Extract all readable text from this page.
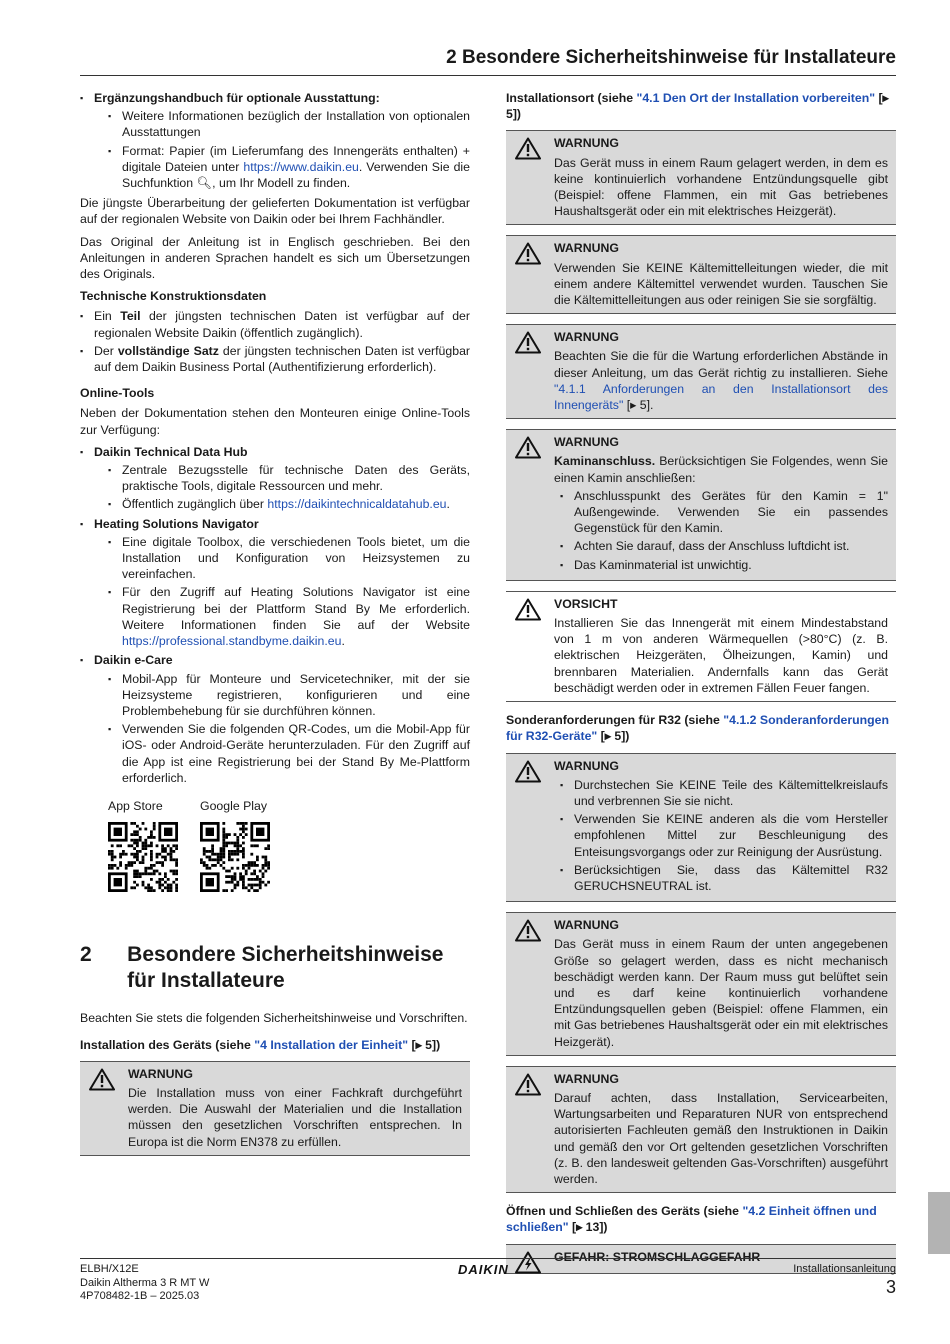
2 Besondere Sicherheitshinweise für Installateure
▪ Ergänzungshandbuch für optionale Ausstattung:
▪ Weitere Informationen bezüglich der Installation von optionalen Ausstattungen
▪ Format: Papier (im Lieferumfang des Innengeräts enthalten) + digitale Dateien unter https://www.daikin.eu. Verwenden Sie die Suchfunktion 🔍︎, um Ihr Modell zu finden.

Die jüngste Überarbeitung der gelieferten Dokumentation ist verfügbar auf der regionalen Website von Daikin oder bei Ihrem Fachhändler.

Das Original der Anleitung ist in Englisch geschrieben. Bei den Anleitungen in anderen Sprachen handelt es sich um Übersetzungen des Originals.

Technische Konstruktionsdaten
▪ Ein Teil der jüngsten technischen Daten ist verfügbar auf der regionalen Website Daikin (öffentlich zugänglich).
▪ Der vollständige Satz der jüngsten technischen Daten ist verfügbar auf dem Daikin Business Portal (Authentifizierung erforderlich).
Online-Tools

Neben der Dokumentation stehen den Monteuren einige Online-Tools zur Verfügung:

▪ Daikin Technical Data Hub
▪ Zentrale Bezugsstelle für technische Daten des Geräts, praktische Tools, digitale Ressourcen und mehr.
▪ Öffentlich zugänglich über https://daikintechnicaldatahub.eu.
▪ Heating Solutions Navigator
▪ Eine digitale Toolbox, die verschiedenen Tools bietet, um die Installation und Konfiguration von Heizsystemen zu vereinfachen.
▪ Für den Zugriff auf Heating Solutions Navigator ist eine Registrierung bei der Plattform Stand By Me erforderlich. Weitere Informationen finden Sie auf der Website https://professional.standbyme.daikin.eu.
▪ Daikin e-Care
▪ Mobil-App für Monteure und Servicetechniker, mit der sie Heizsysteme registrieren, konfigurieren und eine Problembehebung für sie durchführen können.
▪ Verwenden Sie die folgenden QR-Codes, um die Mobil-App für iOS- oder Android-Geräte herunterzuladen. Für den Zugriff auf die App ist eine Registrierung bei der Stand By Me-Plattform erforderlich.
App Store	Google Play
2	Besondere Sicherheitshinweise für Installateure

Beachten Sie stets die folgenden Sicherheitshinweise und Vorschriften.

Installation des Geräts (siehe "4 Installation der Einheit" [▸ 5])
WARNUNG

Die Installation muss von einer Fachkraft durchgeführt werden. Die Auswahl der Materialien und die Installation müssen den gesetzlichen Vorschriften entsprechen. In Europa ist die Norm EN378 zu erfüllen.

Installationsort (siehe "4.1 Den Ort der Installation vorbereiten" [▸ 5])
WARNUNG

Das Gerät muss in einem Raum gelagert werden, in dem es keine kontinuierlich vorhandene Entzündungsquelle gibt (Beispiel: offene Flammen, ein mit Gas betriebenes Haushaltsgerät oder ein mit elektrisches Heizgerät).

WARNUNG

Verwenden Sie KEINE Kältemittelleitungen wieder, die mit einem andere Kältemittel verwendet wurden. Tauschen Sie die Kältemittelleitungen aus oder reinigen Sie sie sorgfältig.

WARNUNG

Beachten Sie die für die Wartung erforderlichen Abstände in dieser Anleitung, um das Gerät richtig zu installieren. Siehe "4.1.1 Anforderungen an den Installationsort des Innengeräts" [▸ 5].

WARNUNG

Kaminanschluss. Berücksichtigen Sie Folgendes, wenn Sie einen Kamin anschließen:

▪ Anschlusspunkt des Gerätes für den Kamin = 1" Außengewinde. Verwenden Sie ein passendes Gegenstück für den Kamin.
▪ Achten Sie darauf, dass der Anschluss luftdicht ist.
▪ Das Kaminmaterial ist unwichtig.
VORSICHT

Installieren Sie das Innengerät mit einem Mindestabstand von 1 m von anderen Wärmequellen (>80°C) (z. B. elektrischen Heizgeräten, Ölheizungen, Kamin) und brennbaren Materialien. Andernfalls kann das Gerät beschädigt werden oder in extremen Fällen Feuer fangen.

Sonderanforderungen für R32 (siehe "4.1.2 Sonderanforderungen für R32-Geräte" [▸ 5])
WARNUNG
▪ Durchstechen Sie KEINE Teile des Kältemittelkreislaufs und verbrennen Sie sie nicht.
▪ Verwenden Sie KEINE anderen als die vom Hersteller empfohlenen Mittel zur Beschleunigung des Enteisungsvorgangs oder zur Reinigung der Ausrüstung.
▪ Berücksichtigen Sie, dass das Kältemittel R32 GERUCHSNEUTRAL ist.
WARNUNG

Das Gerät muss in einem Raum der unten angegebenen Größe so gelagert werden, dass es nicht mechanisch beschädigt werden kann. Der Raum muss gut belüftet sein und es darf keine kontinuierlich vorhandene Entzündungsquellen geben (Beispiel: offene Flammen, ein mit Gas betriebenes Haushaltsgerät oder ein mit elektrisches Heizgerät).

WARNUNG

Darauf achten, dass Installation, Servicearbeiten, Wartungsarbeiten und Reparaturen NUR von entsprechend autorisierten Fachleuten gemäß den Instruktionen in Daikin und gemäß den vor Ort geltenden gesetzlichen Vorschriften (z. B. den landesweit geltenden Gas-Vorschriften) ausgeführt werden.

Öffnen und Schließen des Geräts (siehe "4.2 Einheit öffnen und schließen" [▸ 13])
GEFAHR: STROMSCHLAGGEFAHR
ELBH/X12E
Daikin Altherma 3 R MT W
4P708482-1B – 2025.03
DAIKIN	Installationsanleitung
3
